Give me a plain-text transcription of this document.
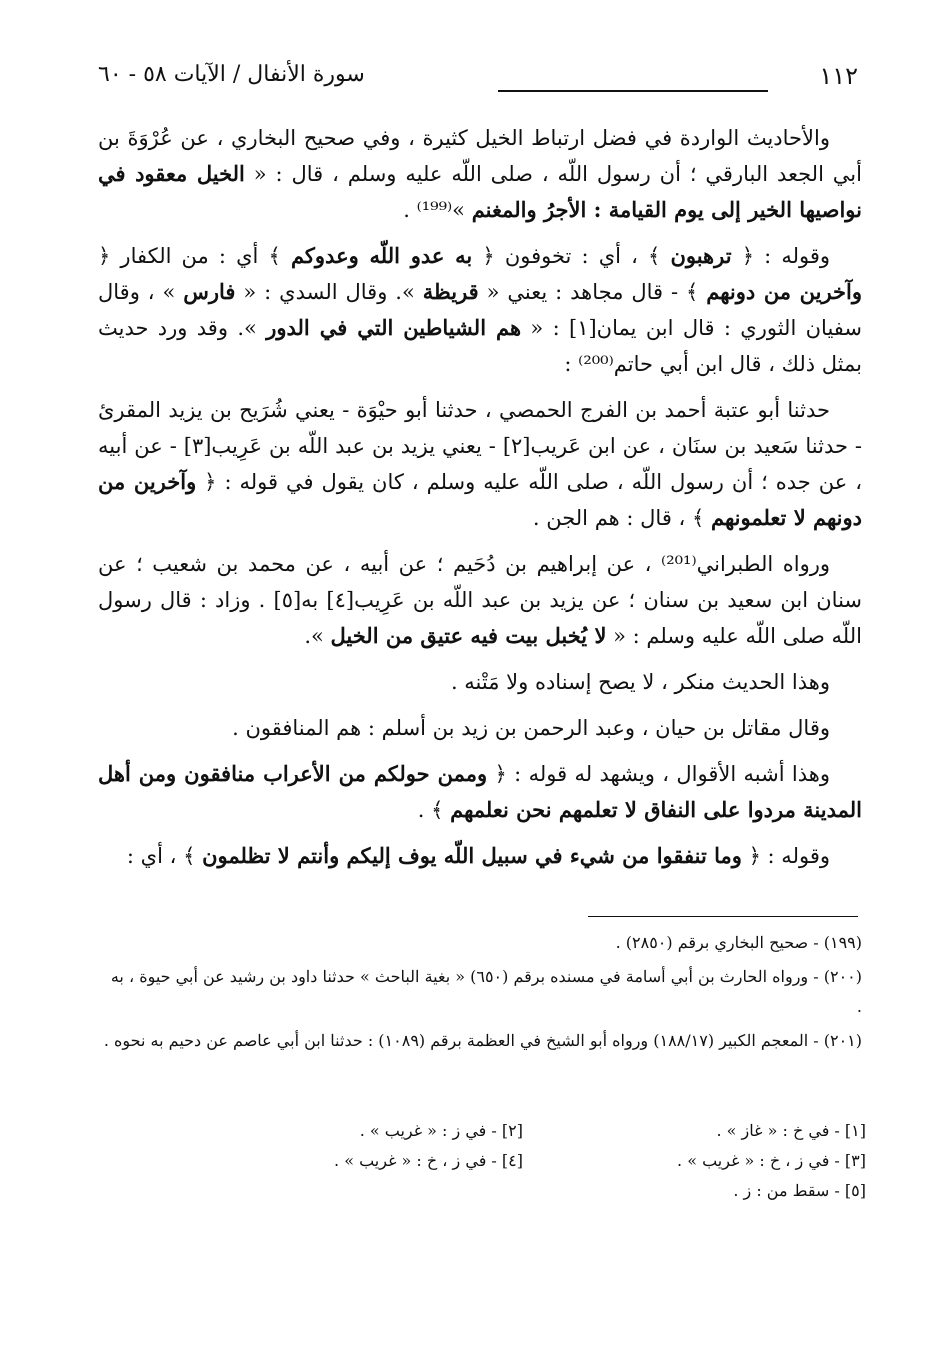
١١٢
سورة الأنفال / الآيات ٥٨ - ٦٠

والأحاديث الواردة في فضل ارتباط الخيل كثيرة ، وفي صحيح البخاري ، عن عُرْوَةَ بن أبي الجعد البارقي ؛ أن رسول اللّه ، صلى اللّه عليه وسلم ، قال : « الخيل معقود في نواصيها الخير إلى يوم القيامة : الأجرُ والمغنم »⁽¹⁹⁹⁾ .

وقوله : ﴿ ترهبون ﴾ ، أي : تخوفون ﴿ به عدو اللّه وعدوكم ﴾ أي : من الكفار ﴿ وآخرين من دونهم ﴾ - قال مجاهد : يعني « قريظة ». وقال السدي : « فارس » ، وقال سفيان الثوري : قال ابن يمان[١] : « هم الشياطين التي في الدور ». وقد ورد حديث بمثل ذلك ، قال ابن أبي حاتم⁽²⁰⁰⁾ :

حدثنا أبو عتبة أحمد بن الفرج الحمصي ، حدثنا أبو حيْوَة - يعني شُرَيح بن يزيد المقرئ - حدثنا سَعيد بن سنَان ، عن ابن عَريب[٢] - يعني يزيد بن عبد اللّه بن عَرِيب[٣] - عن أبيه ، عن جده ؛ أن رسول اللّه ، صلى اللّه عليه وسلم ، كان يقول في قوله : ﴿ وآخرين من دونهم لا تعلمونهم ﴾ ، قال : هم الجن .

ورواه الطبراني⁽²⁰¹⁾ ، عن إبراهيم بن دُحَيم ؛ عن أبيه ، عن محمد بن شعيب ؛ عن سنان ابن سعيد بن سنان ؛ عن يزيد بن عبد اللّه بن عَرِيب[٤] به[٥] . وزاد : قال رسول اللّه صلى اللّه عليه وسلم : « لا يُخبل بيت فيه عتيق من الخيل ».

وهذا الحديث منكر ، لا يصح إسناده ولا مَتْنه .

وقال مقاتل بن حيان ، وعبد الرحمن بن زيد بن أسلم : هم المنافقون .

وهذا أشبه الأقوال ، ويشهد له قوله : ﴿ وممن حولكم من الأعراب منافقون ومن أهل المدينة مردوا على النفاق لا تعلمهم نحن نعلمهم ﴾ .

وقوله : ﴿ وما تنفقوا من شيء في سبيل اللّه يوف إليكم وأنتم لا تظلمون ﴾ ، أي :

(١٩٩) - صحيح البخاري برقم (٢٨٥٠) .

(٢٠٠) - ورواه الحارث بن أبي أسامة في مسنده برقم (٦٥٠) « بغية الباحث » حدثنا داود بن رشيد عن أبي حيوة ، به .

(٢٠١) - المعجم الكبير (١٨٨/١٧) ورواه أبو الشيخ في العظمة برقم (١٠٨٩) : حدثنا ابن أبي عاصم عن دحيم به نحوه .

[١] - في خ : « غاز » .
[٢] - في ز : « غريب » .
[٣] - في ز ، خ : « غريب » .
[٤] - في ز ، خ : « غريب » .
[٥] - سقط من : ز .
